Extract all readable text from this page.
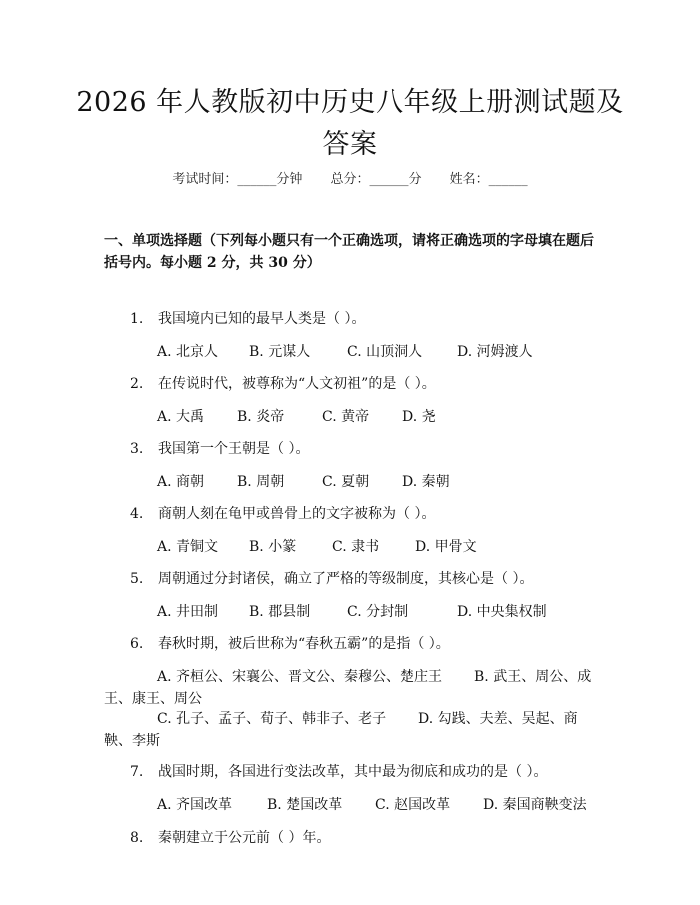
2026 年人教版初中历史八年级上册测试题及
答案
考试时间：______分钟 总分：______分 姓名：______
一、单项选择题（下列每小题只有一个正确选项，请将正确选项的字母填在题后
括号内。每小题 2 分，共 30 分）
1. 我国境内已知的最早人类是（ ）。
A. 北京人 B. 元谋人	C. 山顶洞人 D. 河姆渡人
2. 在传说时代，被尊称为“人文初祖”的是（ ）。
A. 大禹 B. 炎帝	C. 黄帝 D. 尧
3. 我国第一个王朝是（ ）。
A. 商朝 B. 周朝	C. 夏朝 D. 秦朝
4. 商朝人刻在龟甲或兽骨上的文字被称为（ ）。
A. 青铜文 B. 小篆	C. 隶书	D. 甲骨文
5. 周朝通过分封诸侯，确立了严格的等级制度，其核心是（ ）。
A. 井田制 B. 郡县制	C. 分封制	D. 中央集权制
6. 春秋时期，被后世称为“春秋五霸”的是指（ ）。
7. 战国时期，各国进行变法改革，其中最为彻底和成功的是（ ）。
A. 齐国改革 B. 楚国改革 C. 赵国改革 D. 秦国商鞅变法
8. 秦朝建立于公元前（ ）年。
A. 齐桓公、宋襄公、晋文公、秦穆公、楚庄王 B. 武王、周公、成
王、康王、周公
C. 孔子、孟子、荀子、韩非子、老子 D. 勾践、夫差、吴起、商
鞅、李斯
